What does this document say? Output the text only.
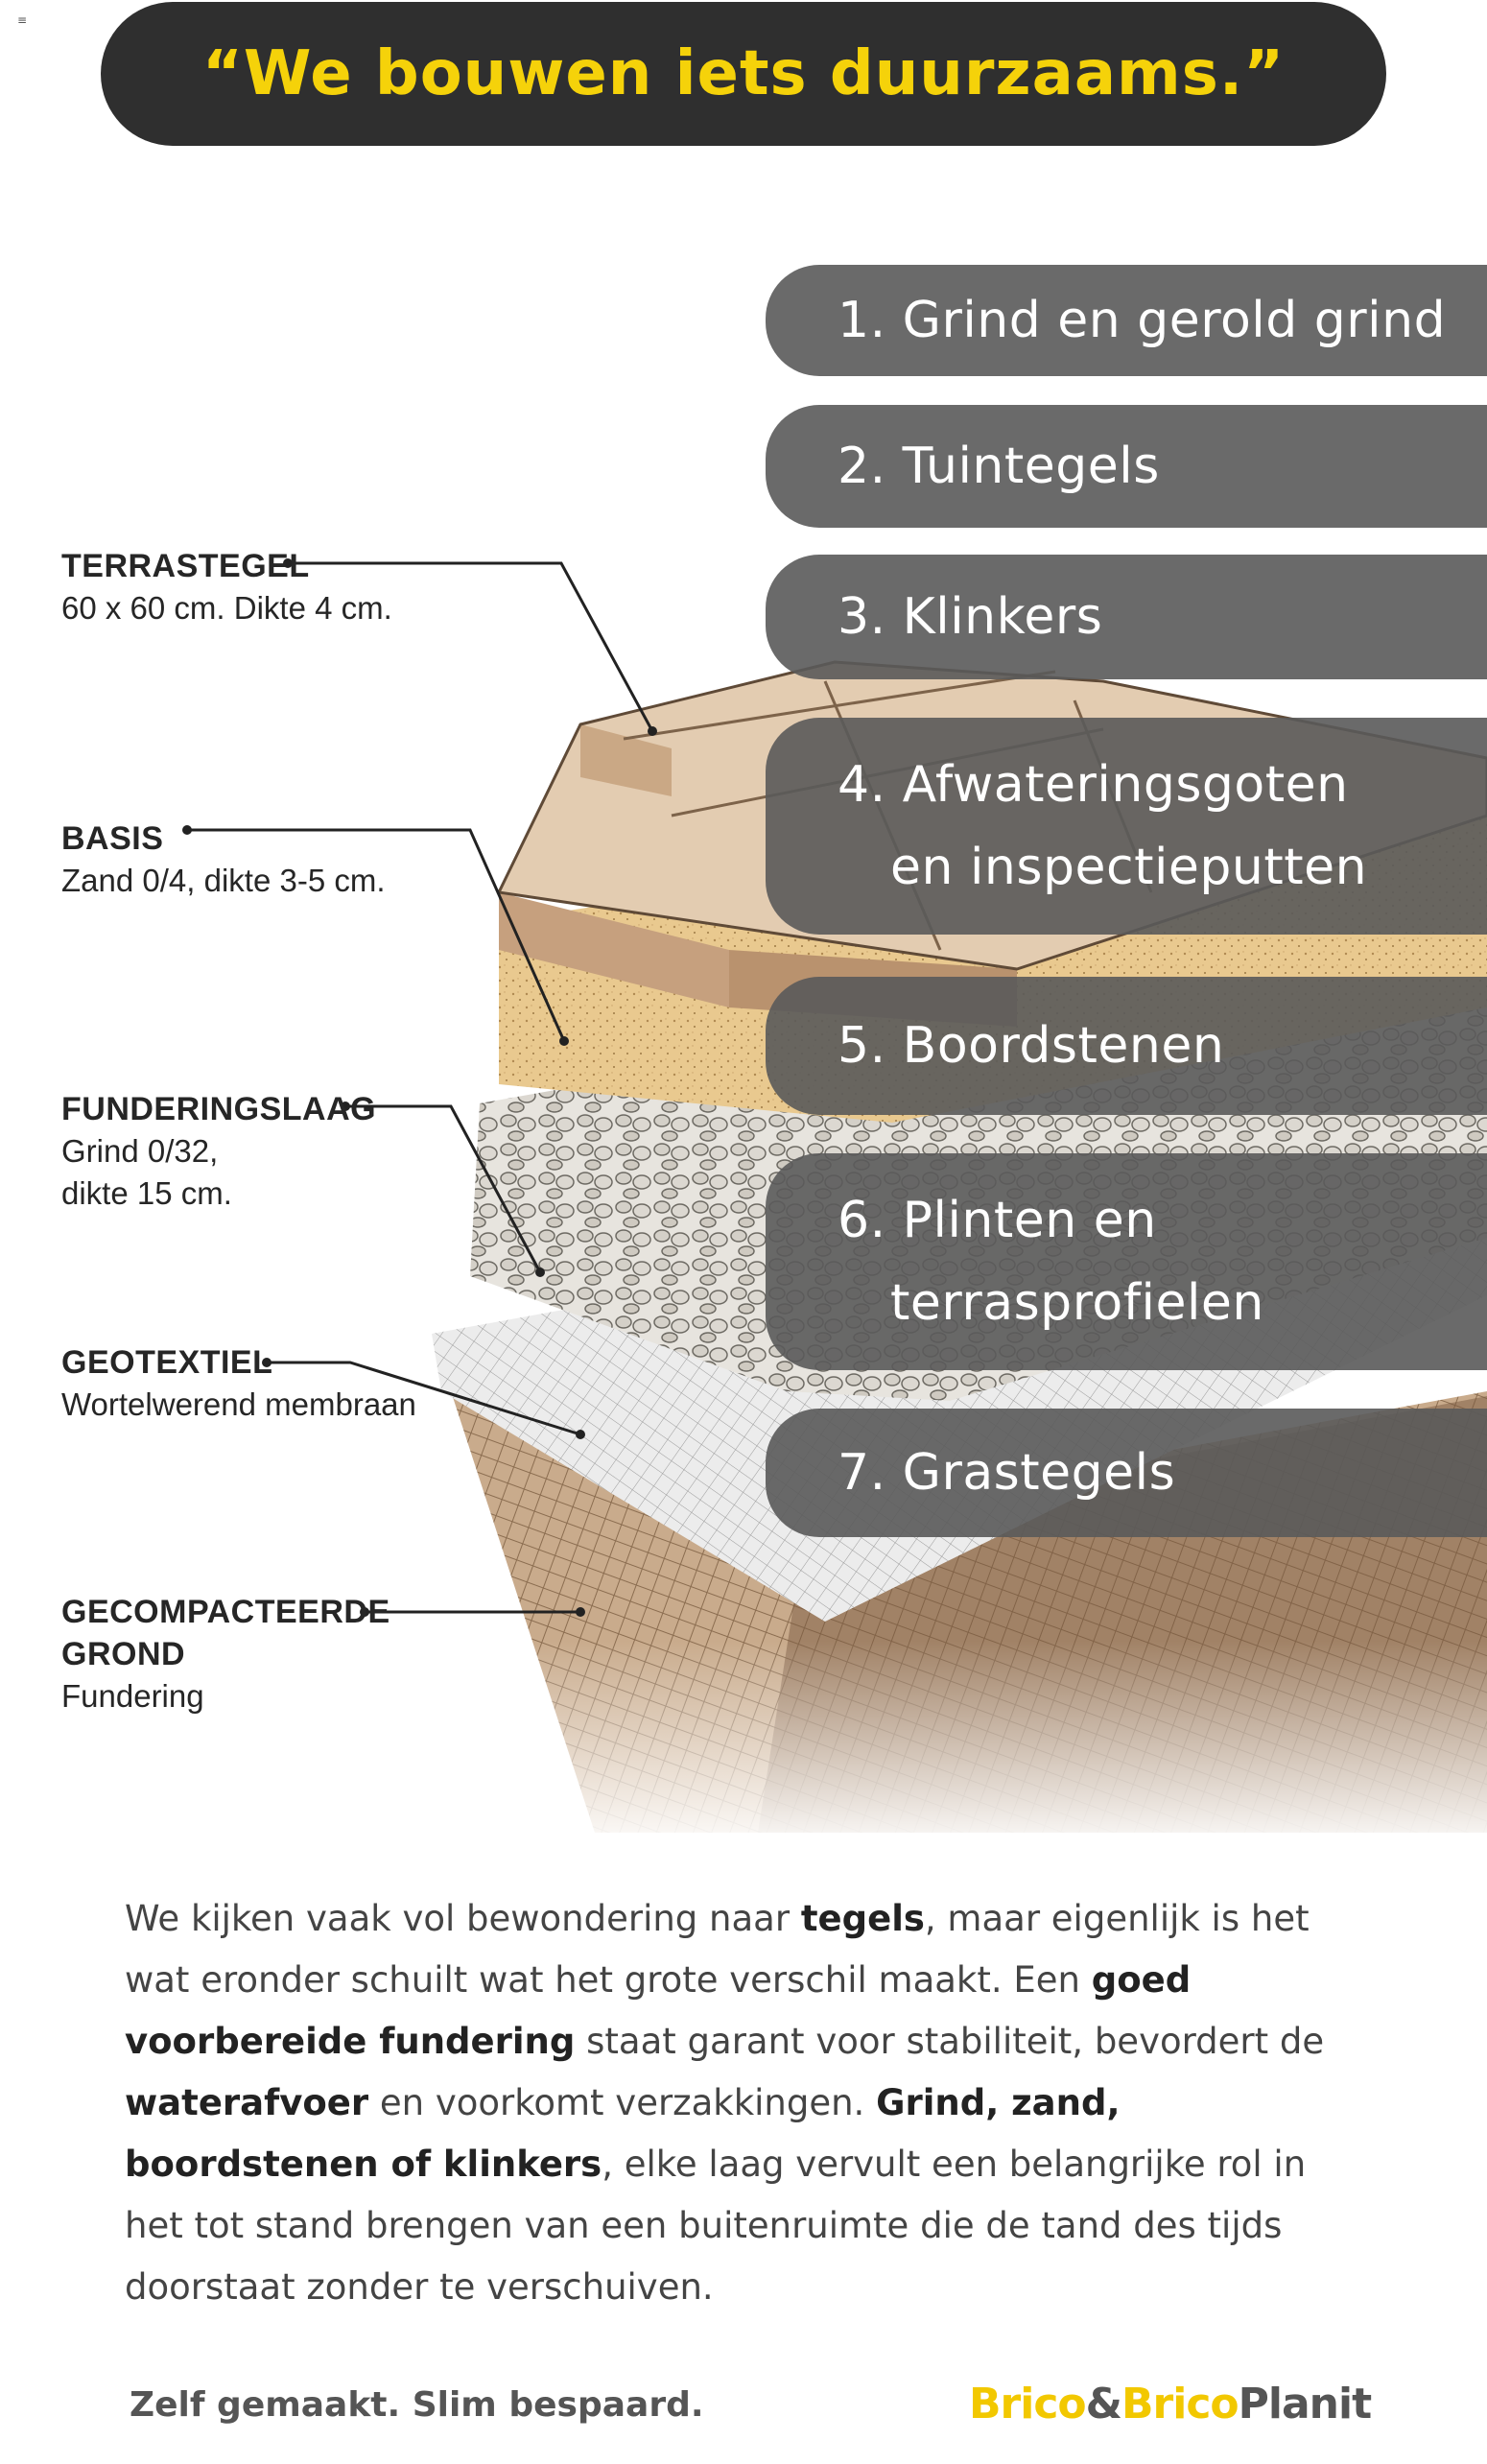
≡
“We bouwen iets duurzaams.”
TERRASTEGEL
60 x 60 cm. Dikte 4 cm.
BASIS
Zand 0/4, dikte 3-5 cm.
FUNDERINGSLAAG
Grind 0/32,
dikte 15 cm.
GEOTEXTIEL
Wortelwerend membraan
GECOMPACTEERDE
GROND
Fundering
1. Grind en gerold grind
2. Tuintegels
3. Klinkers
4. Afwateringsgoten
en inspectieputten
5. Boordstenen
6. Plinten en
terrasprofielen
7. Grastegels
We kijken vaak vol bewondering naar tegels, maar eigenlijk is het wat eronder schuilt wat het grote verschil maakt. Een goed voorbereide fundering staat garant voor stabiliteit, bevordert de waterafvoer en voorkomt verzakkingen. Grind, zand, boordstenen of klinkers, elke laag vervult een belangrijke rol in het tot stand brengen van een buitenruimte die de tand des tijds doorstaat zonder te verschuiven.
Zelf gemaakt. Slim bespaard.	Brico&BricoPlanit
